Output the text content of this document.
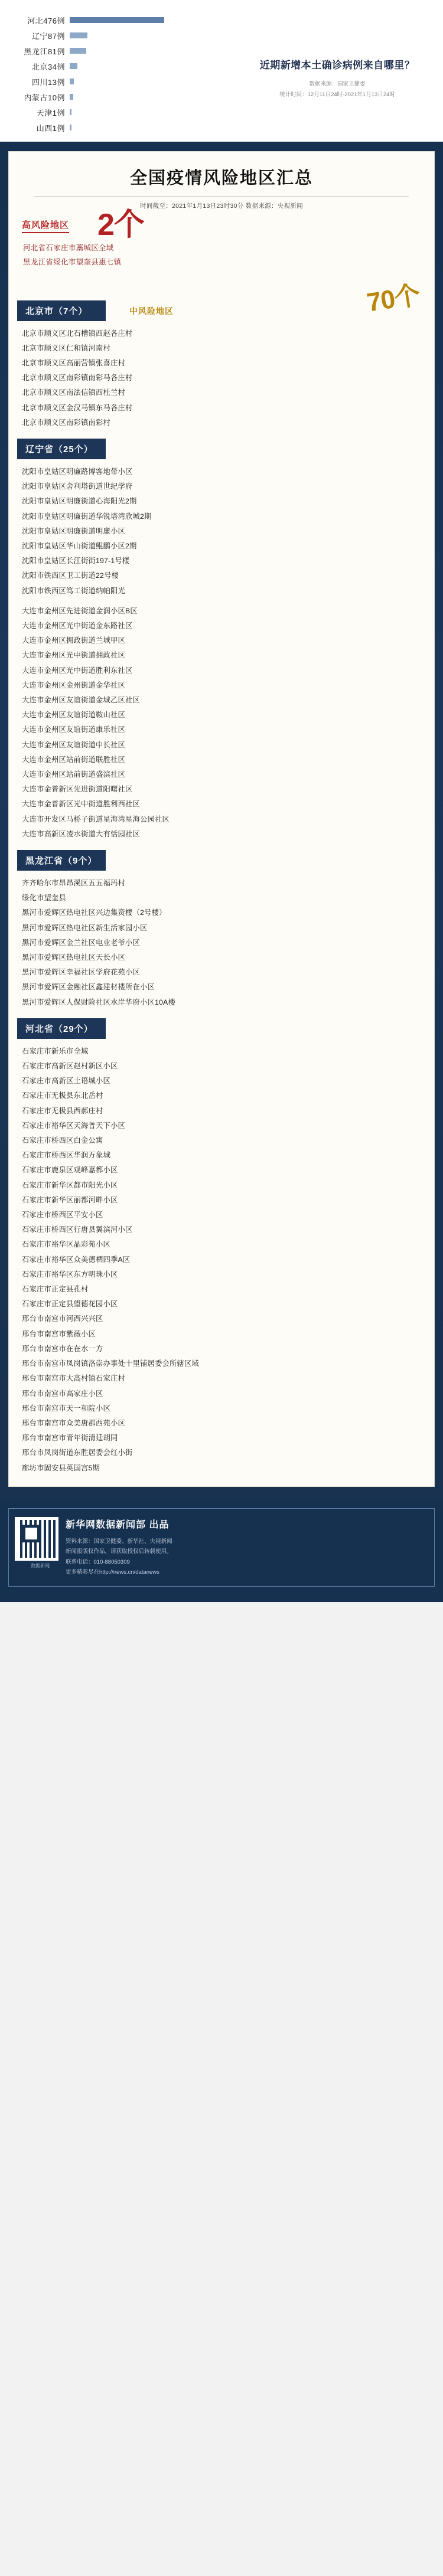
河北476例
辽宁87例
黑龙江81例
北京34例
四川13例
内蒙古10例
天津1例
山西1例
近期新增本土确诊病例来自哪里？
数据来源：国家卫健委
统计时间：12月11日24时-2021年1月13日24时
全国疫情风险地区汇总
时间截至：2021年1月13日23时30分 数据来源：央视新闻
高风险地区 2个
河北省石家庄市藁城区全域
黑龙江省绥化市望奎县惠七镇
70个
北京市（7个）	中风险地区
北京市顺义区北石槽镇西赵各庄村
北京市顺义区仁和镇河南村
北京市顺义区高丽营镇张喜庄村
北京市顺义区南彩镇南彩马各庄村
北京市顺义区南法信镇西杜兰村
北京市顺义区金汉马镇东马各庄村
北京市顺义区南彩镇南彩村
辽宁省（25个）
沈阳市皇姑区明廉路博客地带小区
沈阳市皇姑区舍利塔街道世纪学府
沈阳市皇姑区明廉街道心海阳光2期
沈阳市皇姑区明廉街道华锐塔湾欣城2期
沈阳市皇姑区明廉街道明廉小区
沈阳市皇姑区华山街道鲲鹏小区2期
沈阳市皇姑区长江街街197-1号楼
沈阳市铁西区卫工街道22号楼
沈阳市铁西区笃工街道纳帕阳光
大连市金州区先进街道金润小区B区
大连市金州区光中街道金东路社区
大连市金州区拥政街道兰城甲区
大连市金州区光中街道拥政社区
大连市金州区光中街道胜利东社区
大连市金州区金州街道金华社区
大连市金州区友谊街道金城乙区社区
大连市金州区友谊街道鞍山社区
大连市金州区友谊街道康乐社区
大连市金州区友谊街道中长社区
大连市金州区站前街道联胜社区
大连市金州区站前街道盛滨社区
大连市金普新区先进街道阳曙社区
大连市金普新区光中街道胜利西社区
大连市开发区马桥子街道星海湾星海公园社区
大连市高新区凌水街道大有恬园社区
黑龙江省（9个）
齐齐哈尔市昂昂溪区五五福玛村
绥化市望奎县
黑河市爱辉区热电社区兴边集资楼（2号楼）
黑河市爱辉区热电社区新生活家园小区
黑河市爱辉区金兰社区电业老爷小区
黑河市爱辉区热电社区天长小区
黑河市爱辉区幸福社区学府花苑小区
黑河市爱辉区金融社区鑫建材楼所在小区
黑河市爱辉区人保财险社区水岸华府小区10A楼
河北省（29个）
石家庄市新乐市全域
石家庄市高新区赵村新区小区
石家庄市高新区土语城小区
石家庄市无极县东北岳村
石家庄市无极县西郝庄村
石家庄市裕华区天海普天下小区
石家庄市桥西区白金公寓
石家庄市桥西区华润万象城
石家庄市鹿泉区观峰嘉都小区
石家庄市新华区都市阳光小区
石家庄市新华区丽都河畔小区
石家庄市桥西区平安小区
石家庄市桥西区行唐县翼滨河小区
石家庄市裕华区晶彩苑小区
石家庄市裕华区众美德栖四季A区
石家庄市裕华区东方明珠小区
石家庄市正定县孔村
石家庄市正定县望德花园小区
邢台市南宫市河西兴兴区
邢台市南宫市紫薇小区
邢台市南宫市在在水一方
邢台市南宫市凤岗镇洛崇办事处十里铺居委会所辖区域
邢台市南宫市大高村镇石家庄村
邢台市南宫市高家庄小区
邢台市南宫市天一和院小区
邢台市南宫市众美唐郡西苑小区
邢台市南宫市青年街清廷胡同
邢台市凤岗街道东胜居委会红小街
廊坊市固安县英国宫5期
数据新闻
新华网数据新闻部 出品
资料来源：国家卫健委、新华社、央视新闻
新闻报版权作品，请获取授权后转载使用。
联系电话：010-88050309
更多精彩尽在http://news.cn/datanews
